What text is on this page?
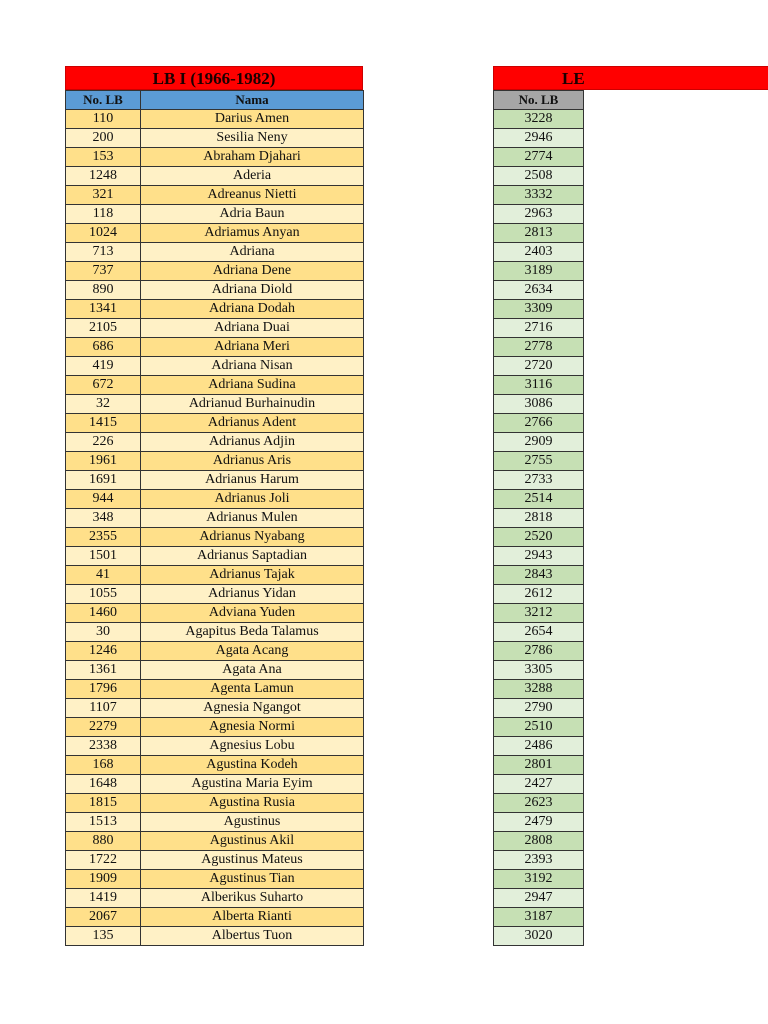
LB I (1966-1982)
No. LB	Nama
110	Darius Amen
200	Sesilia Neny
153	Abraham Djahari
1248	Aderia
321	Adreanus Nietti
118	Adria Baun
1024	Adriamus Anyan
713	Adriana
737	Adriana Dene
890	Adriana Diold
1341	Adriana Dodah
2105	Adriana Duai
686	Adriana Meri
419	Adriana Nisan
672	Adriana Sudina
32	Adrianud Burhainudin
1415	Adrianus Adent
226	Adrianus Adjin
1961	Adrianus Aris
1691	Adrianus Harum
944	Adrianus Joli
348	Adrianus Mulen
2355	Adrianus Nyabang
1501	Adrianus Saptadian
41	Adrianus Tajak
1055	Adrianus Yidan
1460	Adviana Yuden
30	Agapitus Beda Talamus
1246	Agata Acang
1361	Agata Ana
1796	Agenta Lamun
1107	Agnesia Ngangot
2279	Agnesia Normi
2338	Agnesius Lobu
168	Agustina Kodeh
1648	Agustina Maria Eyim
1815	Agustina Rusia
1513	Agustinus
880	Agustinus Akil
1722	Agustinus Mateus
1909	Agustinus Tian
1419	Alberikus Suharto
2067	Alberta Rianti
135	Albertus Tuon
LE
No. LB
3228
2946
2774
2508
3332
2963
2813
2403
3189
2634
3309
2716
2778
2720
3116
3086
2766
2909
2755
2733
2514
2818
2520
2943
2843
2612
3212
2654
2786
3305
3288
2790
2510
2486
2801
2427
2623
2479
2808
2393
3192
2947
3187
3020
